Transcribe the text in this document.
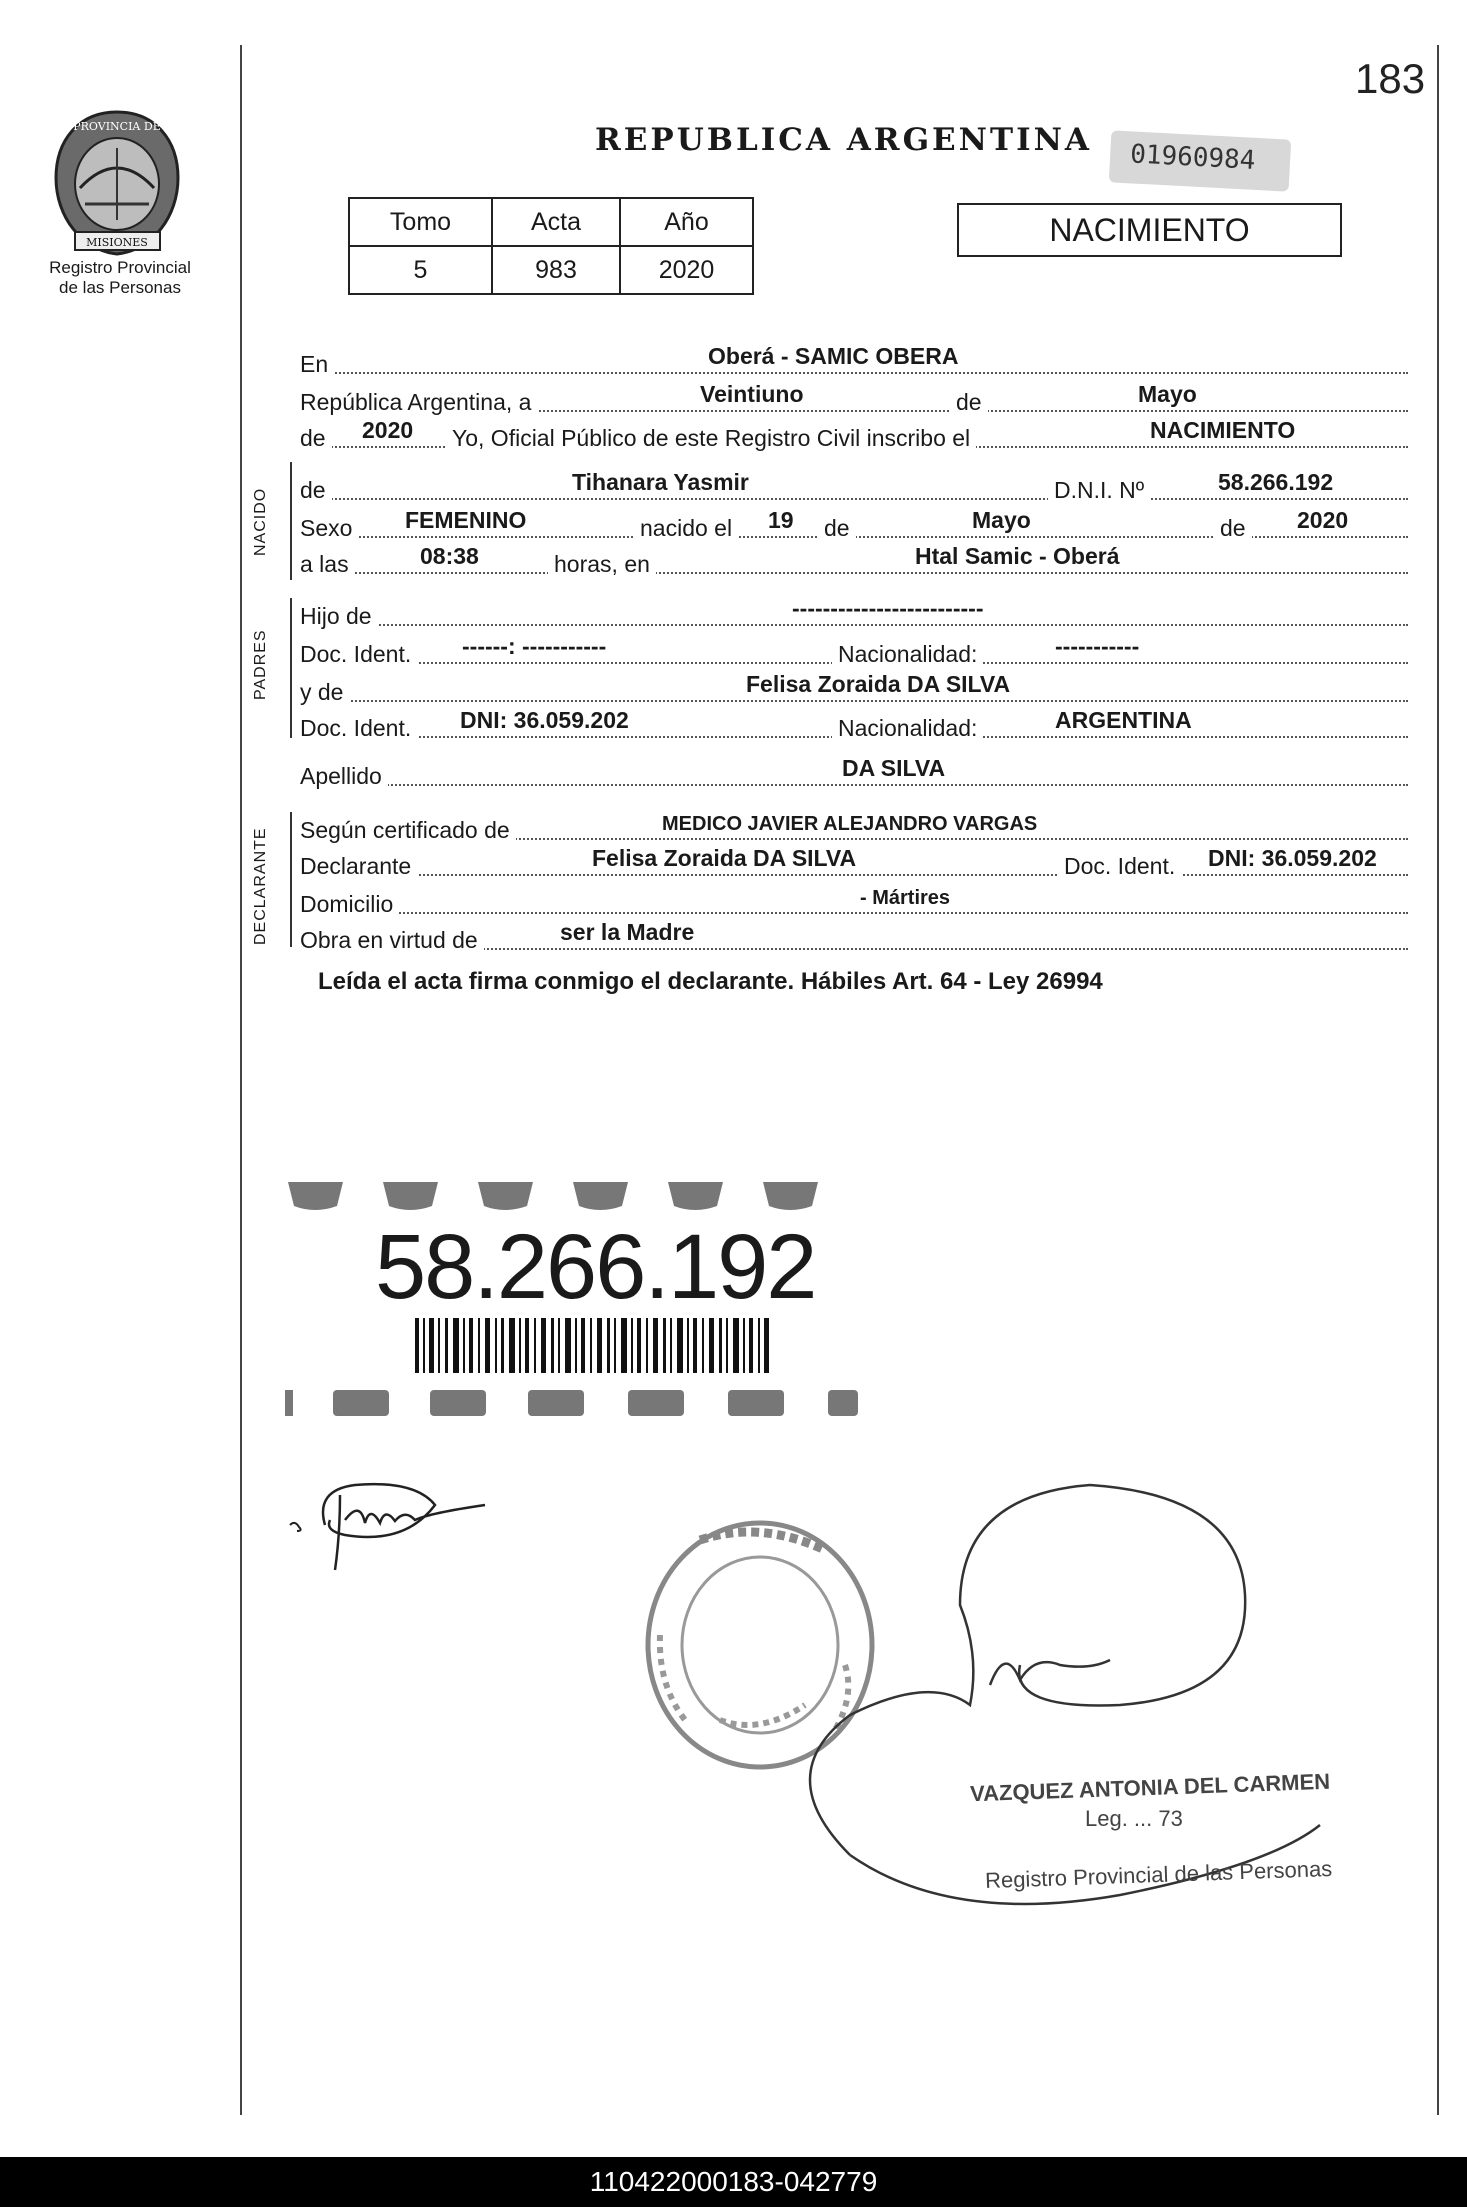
183
PROVINCIA DE
MISIONES
Registro Provincial
de las Personas
REPUBLICA ARGENTINA	01960984
Tomo	Acta	Año
5	983	2020
NACIMIENTO
En	Oberá - SAMIC OBERA
República Argentina, a	Veintiuno	de	Mayo
de 2020 Yo, Oficial Público de este Registro Civil inscribo el	NACIMIENTO
NACIDO de	Tihanara Yasmir	D.N.I. Nº	58.266.192
Sexo FEMENINO	nacido el 19 de	Mayo	de 2020
a las	08:38	horas, en	Htal Samic - Oberá
PADRES
Hijo de	-------------------------
Doc. Ident. ------: -----------	Nacionalidad:	-----------
y de	Felisa Zoraida DA SILVA
Doc. Ident. DNI: 36.059.202	Nacionalidad:	ARGENTINA
Apellido	DA SILVA
DECLARANTE Según certificado de	MEDICO JAVIER ALEJANDRO VARGAS
Declarante	Felisa Zoraida DA SILVA	Doc. Ident. DNI: 36.059.202
Domicilio	- Mártires
Obra en virtud de	ser la Madre
Leída el acta firma conmigo el declarante. Hábiles Art. 64 - Ley 26994
58.266.192
VAZQUEZ ANTONIA DEL CARMEN
Leg. ... 73
Registro Provincial de las Personas
110422000183-042779
